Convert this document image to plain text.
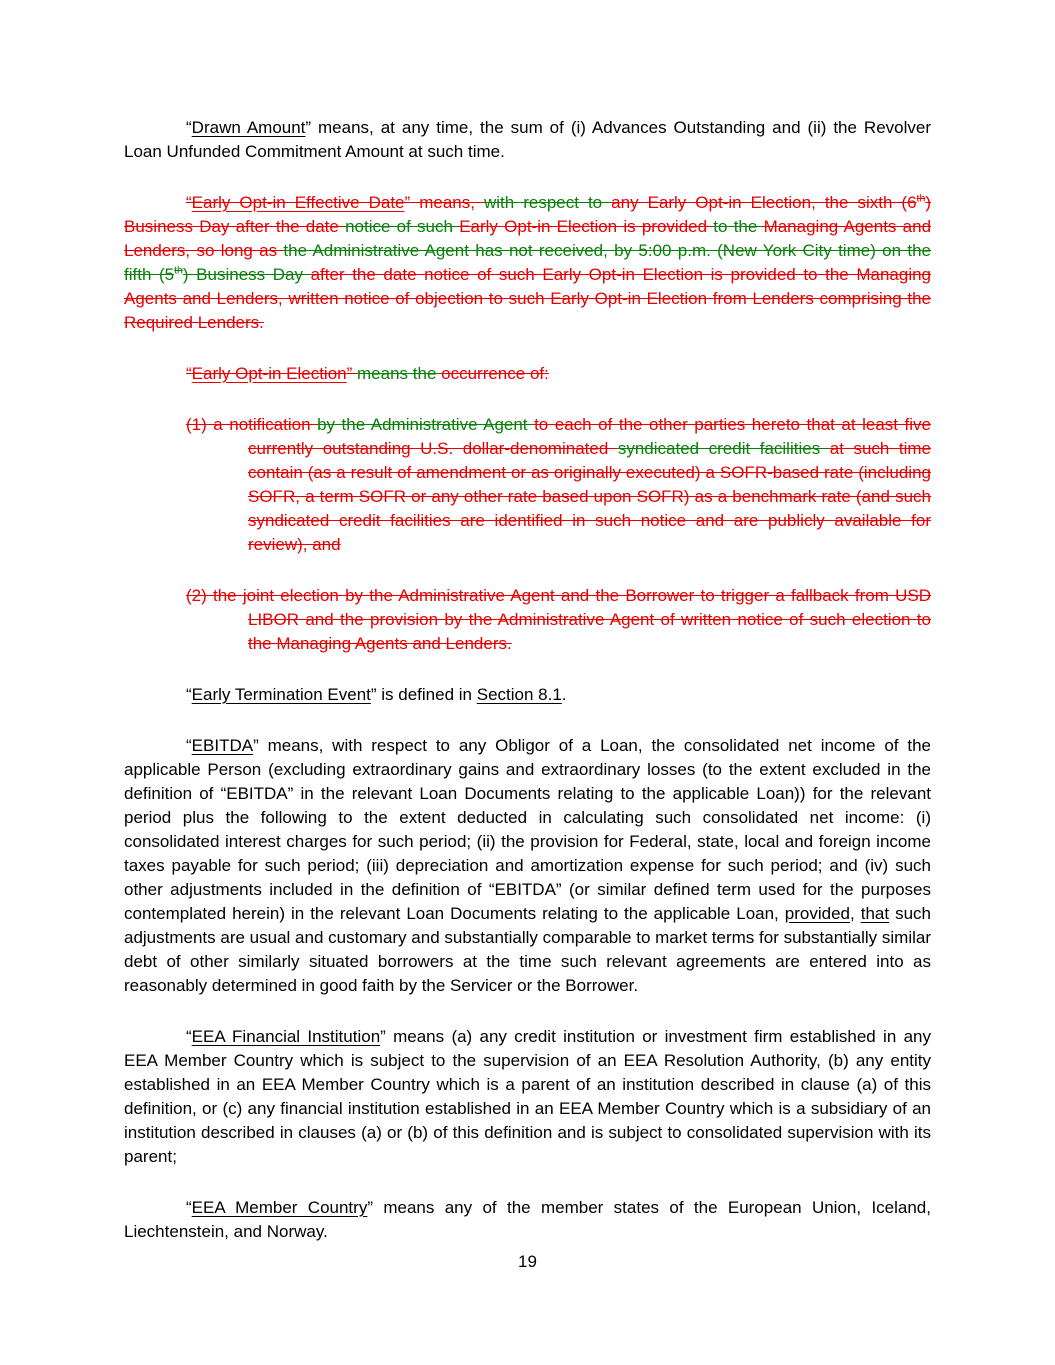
“Drawn Amount” means, at any time, the sum of (i) Advances Outstanding and (ii) the Revolver Loan Unfunded Commitment Amount at such time.

“Early Opt-in Effective Date” means, with respect to any Early Opt-in Election, the sixth (6th) Business Day after the date notice of such Early Opt-in Election is provided to the Managing Agents and Lenders, so long as the Administrative Agent has not received, by 5:00 p.m. (New York City time) on the fifth (5th) Business Day after the date notice of such Early Opt-in Election is provided to the Managing Agents and Lenders, written notice of objection to such Early Opt-in Election from Lenders comprising the Required Lenders.

“Early Opt-in Election” means the occurrence of:

(1) a notification by the Administrative Agent to each of the other parties hereto that at least five currently outstanding U.S. dollar-denominated syndicated credit facilities at such time contain (as a result of amendment or as originally executed) a SOFR-based rate (including SOFR, a term SOFR or any other rate based upon SOFR) as a benchmark rate (and such syndicated credit facilities are identified in such notice and are publicly available for review), and

(2) the joint election by the Administrative Agent and the Borrower to trigger a fallback from USD LIBOR and the provision by the Administrative Agent of written notice of such election to the Managing Agents and Lenders.

“Early Termination Event” is defined in Section 8.1.

“EBITDA” means, with respect to any Obligor of a Loan, the consolidated net income of the applicable Person (excluding extraordinary gains and extraordinary losses (to the extent excluded in the definition of “EBITDA” in the relevant Loan Documents relating to the applicable Loan)) for the relevant period plus the following to the extent deducted in calculating such consolidated net income: (i) consolidated interest charges for such period; (ii) the provision for Federal, state, local and foreign income taxes payable for such period; (iii) depreciation and amortization expense for such period; and (iv) such other adjustments included in the definition of “EBITDA” (or similar defined term used for the purposes contemplated herein) in the relevant Loan Documents relating to the applicable Loan, provided, that such adjustments are usual and customary and substantially comparable to market terms for substantially similar debt of other similarly situated borrowers at the time such relevant agreements are entered into as reasonably determined in good faith by the Servicer or the Borrower.

“EEA Financial Institution” means (a) any credit institution or investment firm established in any EEA Member Country which is subject to the supervision of an EEA Resolution Authority, (b) any entity established in an EEA Member Country which is a parent of an institution described in clause (a) of this definition, or (c) any financial institution established in an EEA Member Country which is a subsidiary of an institution described in clauses (a) or (b) of this definition and is subject to consolidated supervision with its parent;

“EEA Member Country” means any of the member states of the European Union, Iceland, Liechtenstein, and Norway.

19
